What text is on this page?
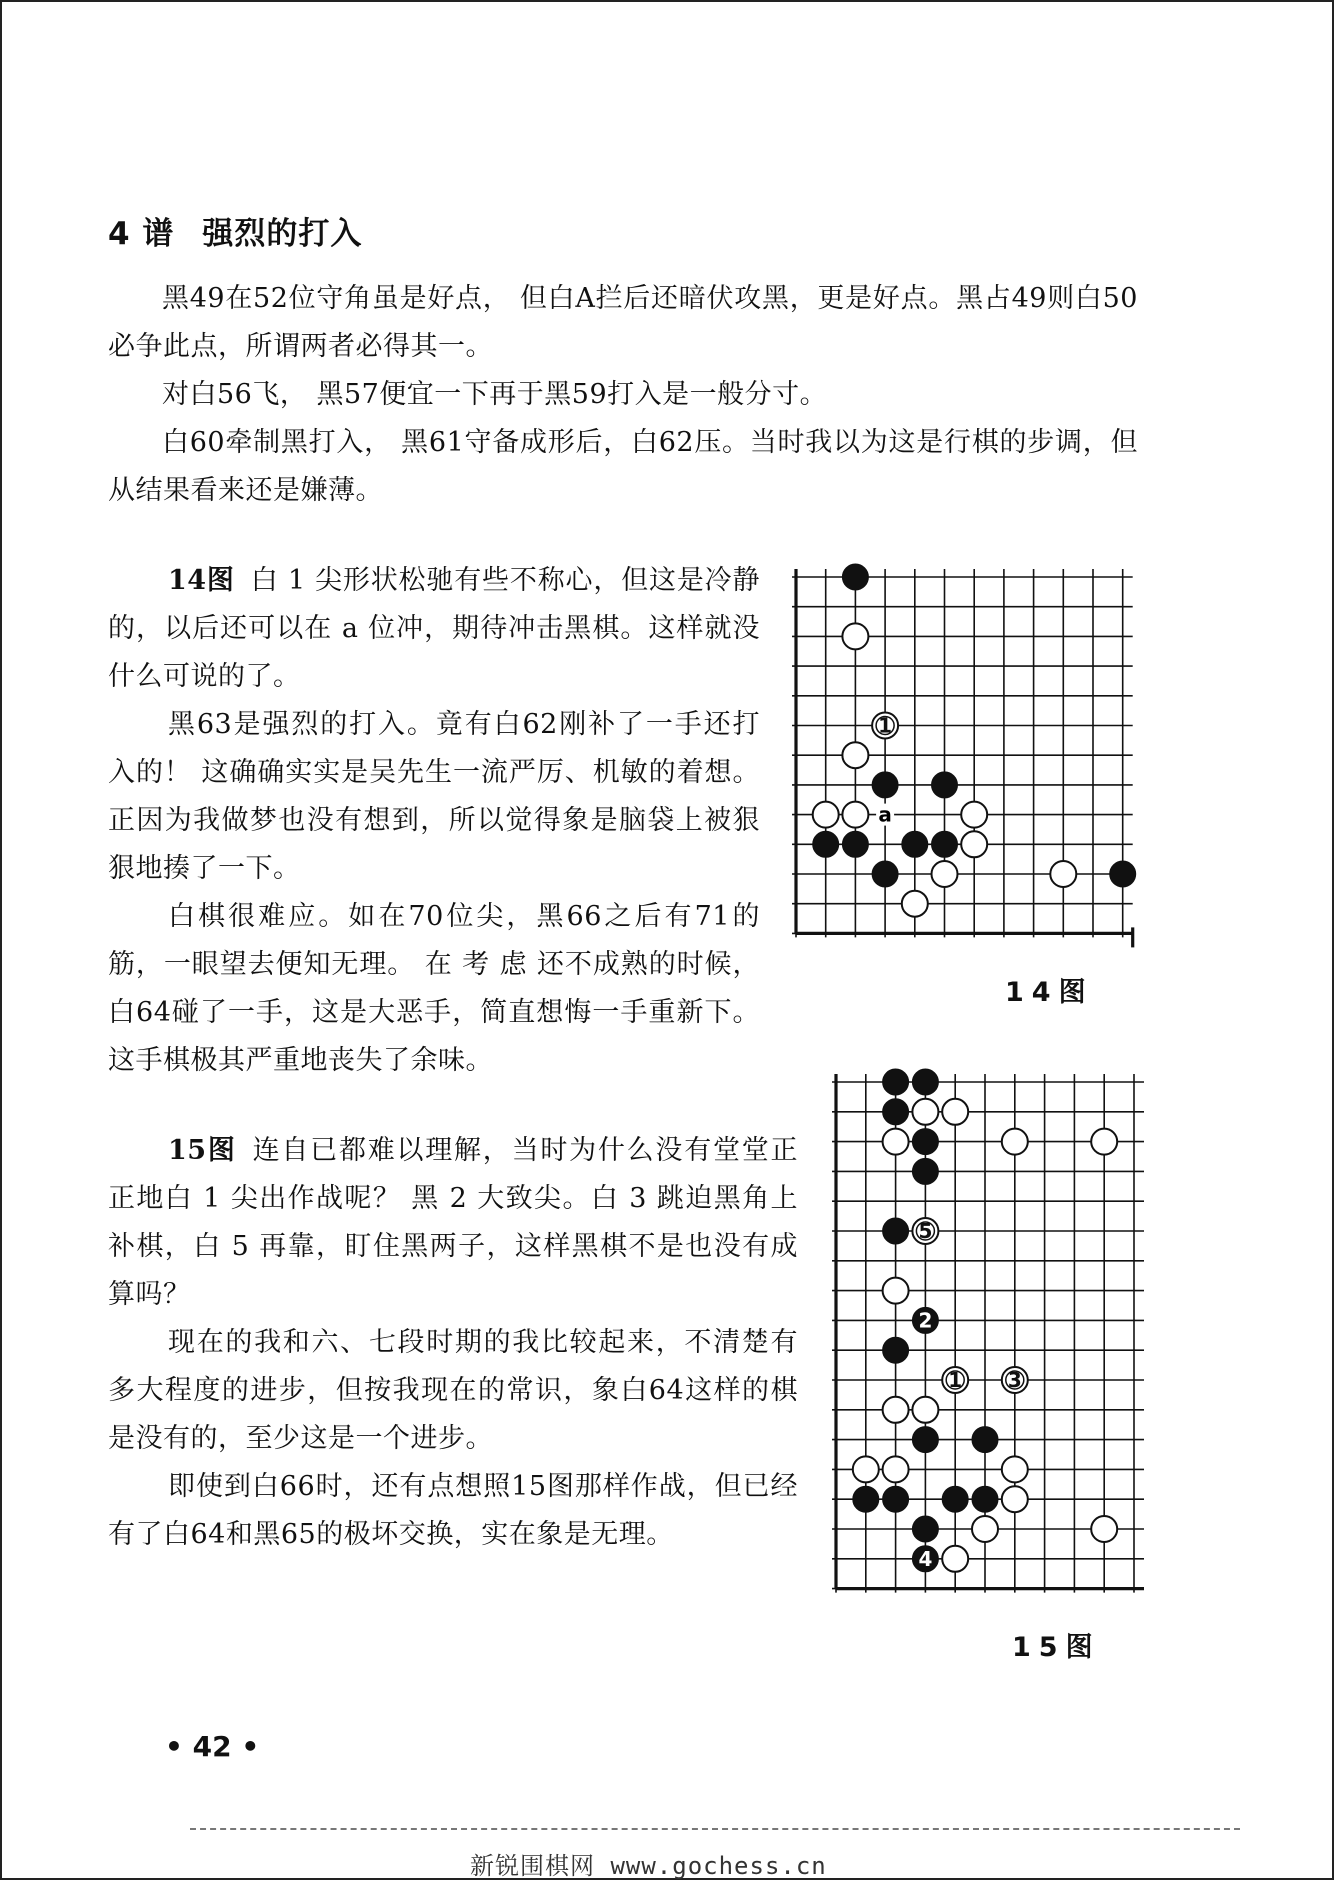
4 谱 强烈的打入
黑49在52位守角虽是好点， 但白A拦后还暗伏攻黑，更是好点。黑占49则白50必争此点，所谓两者必得其一。
对白56飞， 黑57便宜一下再于黑59打入是一般分寸。
白60牵制黑打入， 黑61守备成形后，白62压。当时我以为这是行棋的步调，但从结果看来还是嫌薄。
14图 白 1 尖形状松驰有些不称心，但这是冷静的，以后还可以在 a 位冲，期待冲击黑棋。这样就没什么可说的了。
黑63是强烈的打入。竟有白62刚补了一手还打入的！ 这确确实实是吴先生一流严厉、机敏的着想。正因为我做梦也没有想到，所以觉得象是脑袋上被狠狠地揍了一下。
白棋很难应。如在70位尖，黑66之后有71的筋，一眼望去便知无理。 在 考 虑 还不成熟的时候，白64碰了一手，这是大恶手，简直想悔一手重新下。这手棋极其严重地丧失了余味。
15图 连自已都难以理解，当时为什么没有堂堂正正地白 1 尖出作战呢？ 黑 2 大致尖。白 3 跳迫黑角上补棋，白 5 再靠，盯住黑两子，这样黑棋不是也没有成算吗？
现在的我和六、七段时期的我比较起来，不清楚有多大程度的进步，但按我现在的常识，象白64这样的棋是没有的，至少这是一个进步。
即使到白66时，还有点想照15图那样作战，但已经有了白64和黑65的极坏交换，实在象是无理。
a
1
14图
5
2
1 3
4
15图
• 42 •
新锐围棋网 www.gochess.cn
